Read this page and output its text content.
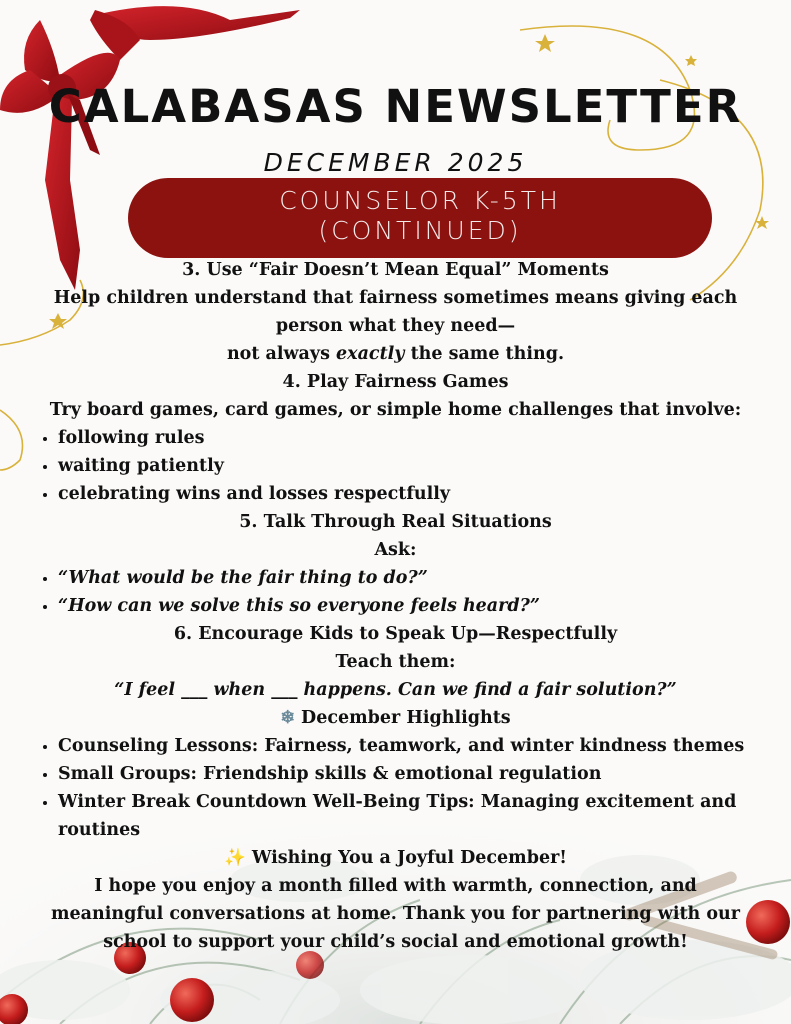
CALABASAS NEWSLETTER
DECEMBER 2025
COUNSELOR K-5TH
(CONTINUED)

3. Use “Fair Doesn’t Mean Equal” Moments

Help children understand that fairness sometimes means giving each

person what they need—

not always exactly the same thing.

4. Play Fairness Games

Try board games, card games, or simple home challenges that involve:

• following rules
• waiting patiently
• celebrating wins and losses respectfully

5. Talk Through Real Situations

Ask:

• “What would be the fair thing to do?”
• “How can we solve this so everyone feels heard?”

6. Encourage Kids to Speak Up—Respectfully

Teach them:

“I feel ___ when ___ happens. Can we find a fair solution?”

❄ December Highlights

• Counseling Lessons: Fairness, teamwork, and winter kindness themes
• Small Groups: Friendship skills & emotional regulation
• Winter Break Countdown Well-Being Tips: Managing excitement and routines

✨ Wishing You a Joyful December!

I hope you enjoy a month filled with warmth, connection, and

meaningful conversations at home. Thank you for partnering with our

school to support your child’s social and emotional growth!
